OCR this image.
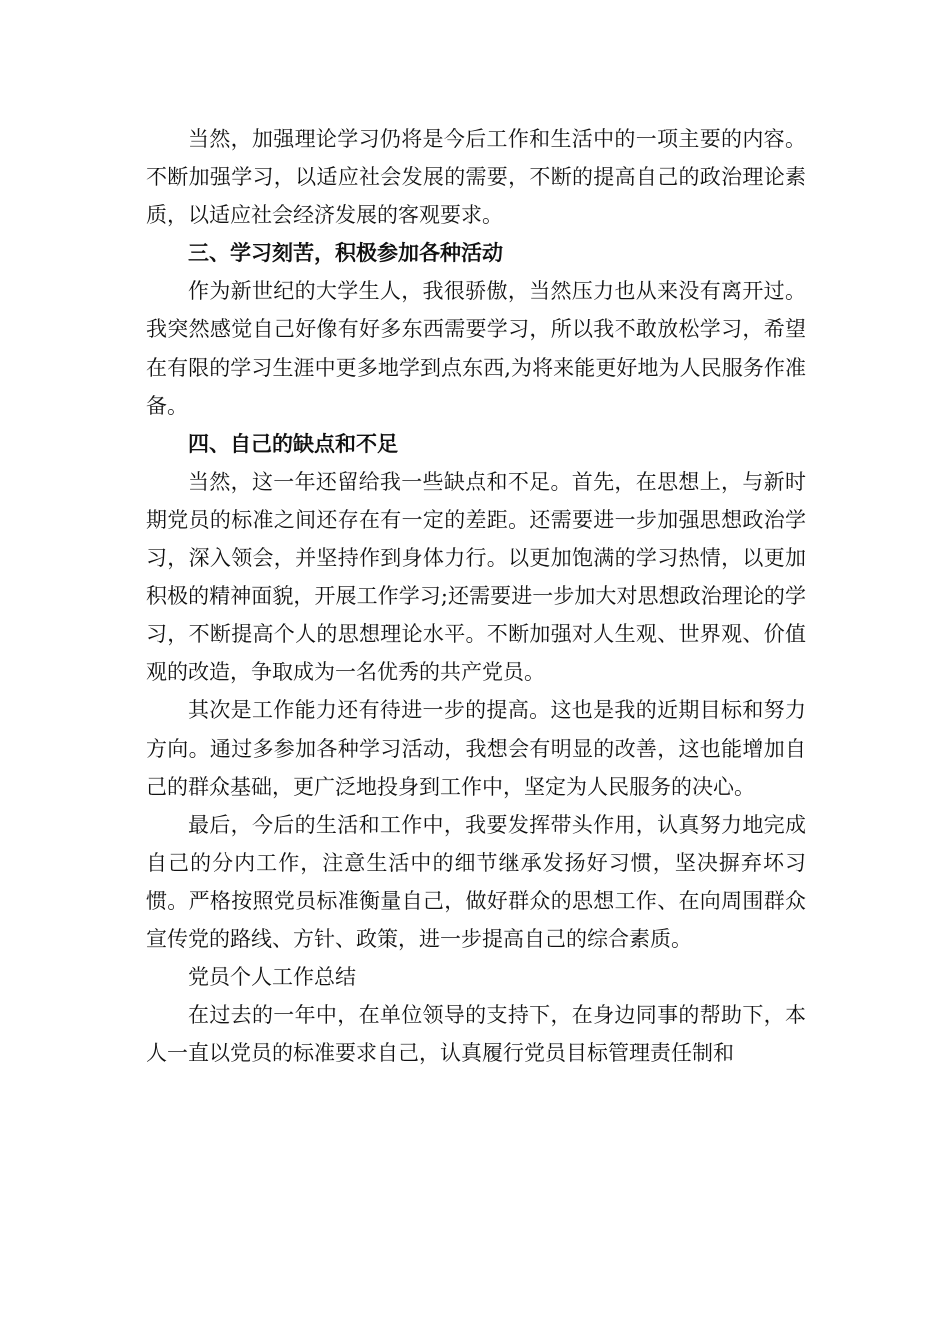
当然，加强理论学习仍将是今后工作和生活中的一项主要的内容。不断加强学习，以适应社会发展的需要，不断的提高自己的政治理论素质，以适应社会经济发展的客观要求。

三、学习刻苦，积极参加各种活动

作为新世纪的大学生人，我很骄傲，当然压力也从来没有离开过。我突然感觉自己好像有好多东西需要学习，所以我不敢放松学习，希望在有限的学习生涯中更多地学到点东西,为将来能更好地为人民服务作准备。

四、自己的缺点和不足

当然，这一年还留给我一些缺点和不足。首先，在思想上，与新时期党员的标准之间还存在有一定的差距。还需要进一步加强思想政治学习，深入领会，并坚持作到身体力行。以更加饱满的学习热情，以更加积极的精神面貌，开展工作学习;还需要进一步加大对思想政治理论的学习，不断提高个人的思想理论水平。不断加强对人生观、世界观、价值观的改造，争取成为一名优秀的共产党员。

其次是工作能力还有待进一步的提高。这也是我的近期目标和努力方向。通过多参加各种学习活动，我想会有明显的改善，这也能增加自己的群众基础，更广泛地投身到工作中，坚定为人民服务的决心。

最后，今后的生活和工作中，我要发挥带头作用，认真努力地完成自己的分内工作，注意生活中的细节继承发扬好习惯，坚决摒弃坏习惯。严格按照党员标准衡量自己，做好群众的思想工作、在向周围群众宣传党的路线、方针、政策，进一步提高自己的综合素质。

党员个人工作总结

在过去的一年中，在单位领导的支持下，在身边同事的帮助下，本人一直以党员的标准要求自己，认真履行党员目标管理责任制和
